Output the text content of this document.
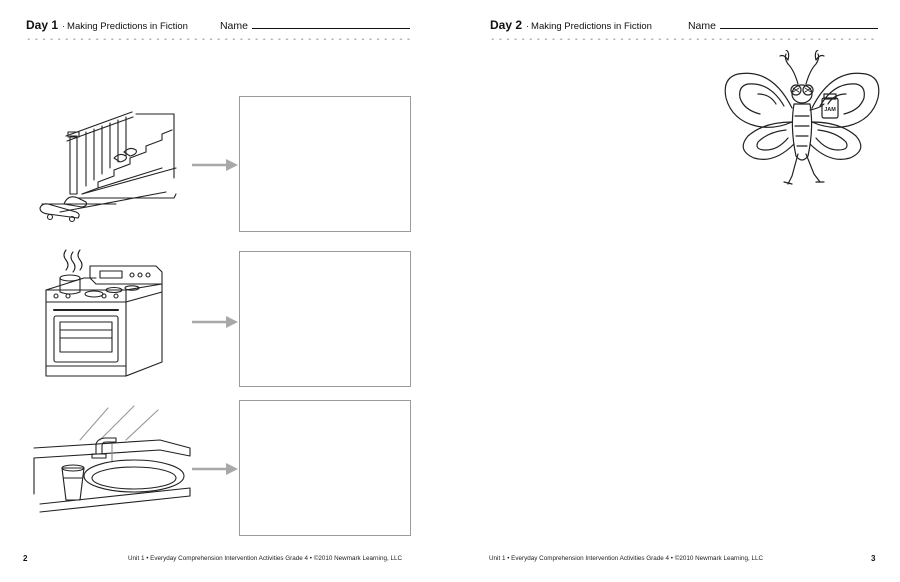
Day 1 · Making Predictions in Fiction	Name
2	Unit 1 • Everyday Comprehension Intervention Activities Grade 4 • ©2010 Newmark Learning, LLC
Day 2 · Making Predictions in Fiction	Name
JAM
Unit 1 • Everyday Comprehension Intervention Activities Grade 4 • ©2010 Newmark Learning, LLC	3
